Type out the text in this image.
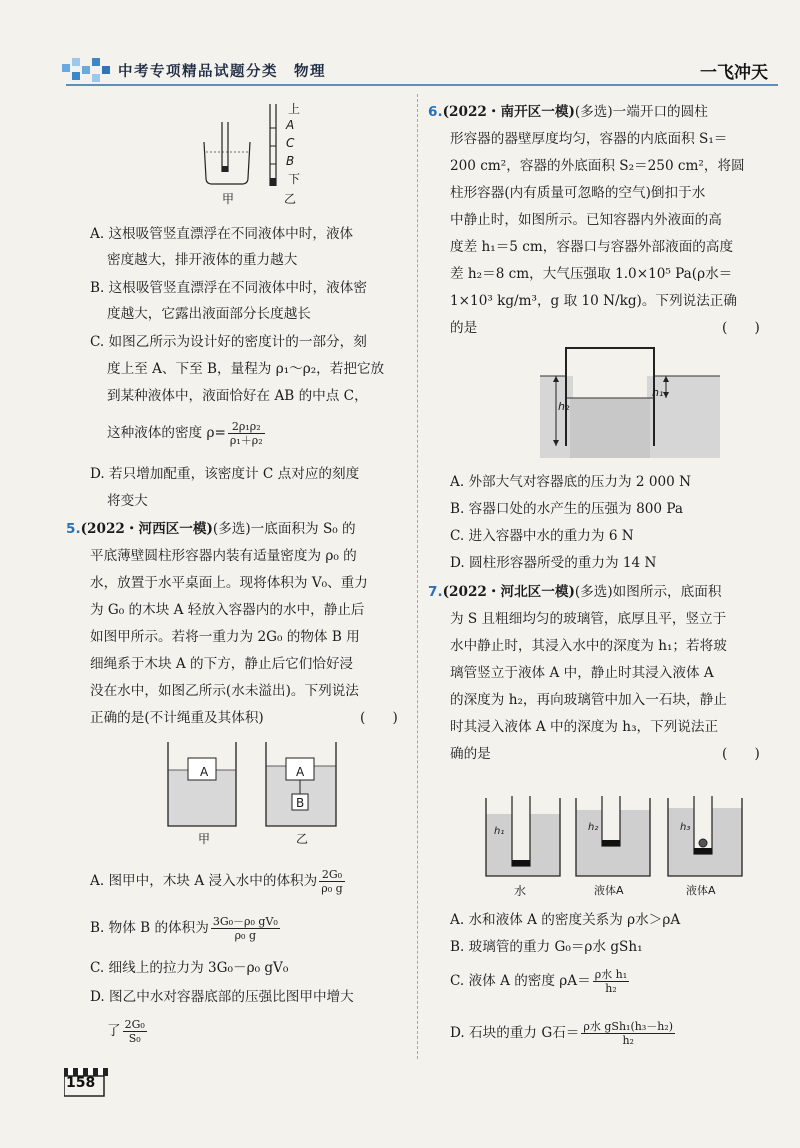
中考专项精品试题分类　物理	一飞冲天
上
A
C
B
下
甲	乙
A. 这根吸管竖直漂浮在不同液体中时，液体
密度越大，排开液体的重力越大
B. 这根吸管竖直漂浮在不同液体中时，液体密
度越大，它露出液面部分长度越长
C. 如图乙所示为设计好的密度计的一部分，刻
度上至 A、下至 B，量程为 ρ₁～ρ₂，若把它放
到某种液体中，液面恰好在 AB 的中点 C，
这种液体的密度 $\rho= \frac{\text{2ρ₁ρ₂}}{\text{ρ₁＋ρ₂}}$
D. 若只增加配重，该密度计 C 点对应的刻度
将变大
5.(2022・河西区一模)(多选)一底面积为 S₀ 的
平底薄壁圆柱形容器内装有适量密度为 ρ₀ 的
水，放置于水平桌面上。现将体积为 V₀、重力
为 G₀ 的木块 A 轻放入容器内的水中，静止后
如图甲所示。若将一重力为 2G₀ 的物体 B 用
细绳系于木块 A 的下方，静止后它们恰好浸
没在水中，如图乙所示(水未溢出)。下列说法
正确的是(不计绳重及其体积)	(　　)
A	A
B
甲	乙
A. 图甲中，木块 A 浸入水中的体积为 $\frac{\text{2G₀}}{\text{ρ₀ g}}$
B. 物体 B 的体积为 $\frac{\text{3G₀－ρ₀ gV₀}}{\text{ρ₀ g}}$
C. 细线上的拉力为 3G₀－ρ₀ gV₀
D. 图乙中水对容器底部的压强比图甲中增大
了 $\frac{\text{2G₀}}{\text{S₀}}$
6.(2022・南开区一模)(多选)一端开口的圆柱
形容器的器壁厚度均匀，容器的内底面积 S₁＝
200 cm²，容器的外底面积 S₂＝250 cm²，将圆
柱形容器(内有质量可忽略的空气)倒扣于水
中静止时，如图所示。已知容器内外液面的高
度差 h₁＝5 cm，容器口与容器外部液面的高度
差 h₂＝8 cm，大气压强取 1.0×10⁵ Pa(ρ水＝
1×10³ kg/m³，g 取 10 N/kg)。下列说法正确
的是	(　　)
h₂
h₁
A. 外部大气对容器底的压力为 2 000 N
B. 容器口处的水产生的压强为 800 Pa
C. 进入容器中水的重力为 6 N
D. 圆柱形容器所受的重力为 14 N
7.(2022・河北区一模)(多选)如图所示，底面积
为 S 且粗细均匀的玻璃管，底厚且平，竖立于
水中静止时，其浸入水中的深度为 h₁；若将玻
璃管竖立于液体 A 中，静止时其浸入液体 A
的深度为 h₂，再向玻璃管中加入一石块，静止
时其浸入液体 A 中的深度为 h₃，下列说法正
确的是	(　　)
h₁	h₂	h₃
水	液体A	液体A
A. 水和液体 A 的密度关系为 ρ水＞ρA
B. 玻璃管的重力 G₀＝ρ水 gSh₁
C. 液体 A 的密度 $\rho A= \frac{\text{ρ水 h₁}}{\text{h₂}}$
D. 石块的重力 G石＝ $\frac{\text{ρ水 gSh₁(h₃－h₂)}}{\text{h₂}}$
158
